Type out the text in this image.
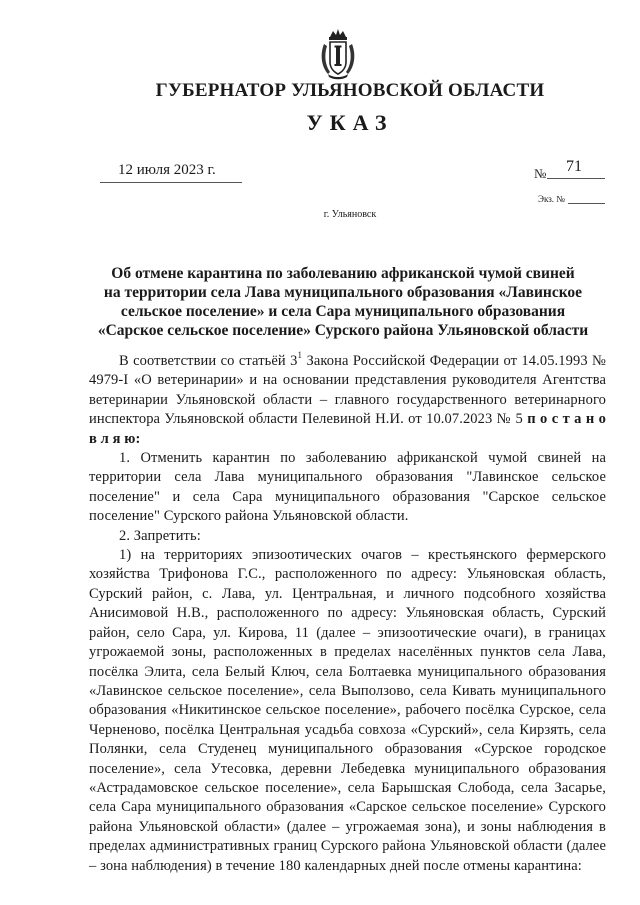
ГУБЕРНАТОР УЛЬЯНОВСКОЙ ОБЛАСТИ
УКАЗ
12 июля 2023 г.	№ 71
Экз. №
г. Ульяновск
Об отмене карантина по заболеванию африканской чумой свиней
на территории села Лава муниципального образования «Лавинское
сельское поселение» и села Сара муниципального образования
«Сарское сельское поселение» Сурского района Ульяновской области

В соответствии со статьёй $3^1$ Закона Российской Федерации от 14.05.1993 № 4979-I «О ветеринарии» и на основании представления руководителя Агентства ветеринарии Ульяновской области – главного государственного ветеринарного инспектора Ульяновской области Пелевиной Н.И. от 10.07.2023 № 5 п о с т а н о в л я ю:

1. Отменить карантин по заболеванию африканской чумой свиней на территории села Лава муниципального образования "Лавинское сельское поселение" и села Сара муниципального образования "Сарское сельское поселение" Сурского района Ульяновской области.

2. Запретить:

1) на территориях эпизоотических очагов – крестьянского фермерского хозяйства Трифонова Г.С., расположенного по адресу: Ульяновская область, Сурский район, с. Лава, ул. Центральная, и личного подсобного хозяйства Анисимовой Н.В., расположенного по адресу: Ульяновская область, Сурский район, село Сара, ул. Кирова, 11 (далее – эпизоотические очаги), в границах угрожаемой зоны, расположенных в пределах населённых пунктов села Лава, посёлка Элита, села Белый Ключ, села Болтаевка муниципального образования «Лавинское сельское поселение», села Выползово, села Кивать муниципального образования «Никитинское сельское поселение», рабочего посёлка Сурское, села Черненово, посёлка Центральная усадьба совхоза «Сурский», села Кирзять, села Полянки, села Студенец муниципального образования «Сурское городское поселение», села Утесовка, деревни Лебедевка муниципального образования «Астрадамовское сельское поселение», села Барышская Слобода, села Засарье, села Сара муниципального образования «Сарское сельское поселение» Сурского района Ульяновской области» (далее – угрожаемая зона), и зоны наблюдения в пределах административных границ Сурского района Ульяновской области (далее – зона наблюдения) в течение 180 календарных дней после отмены карантина:
